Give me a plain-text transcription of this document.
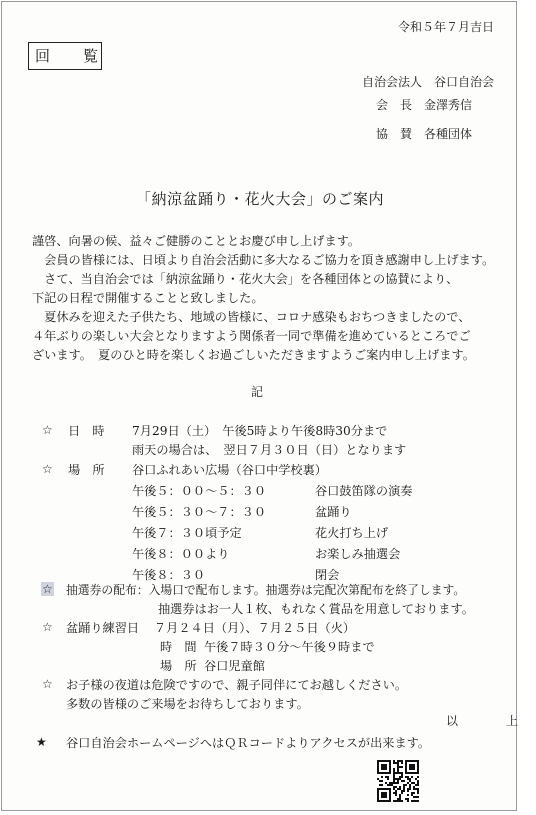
令和５年７月吉日
回　覧
自治会法人　谷口自治会
会　長　金澤秀信
協　賛　各種団体
「納涼盆踊り・花火大会」のご案内
謹啓、向暑の候、益々ご健勝のこととお慶び申し上げます。
　会員の皆様には、日頃より自治会活動に多大なるご協力を頂き感謝申し上げます。
　さて、当自治会では「納涼盆踊り・花火大会」を各種団体との協賛により、
下記の日程で開催することと致しました。
　夏休みを迎えた子供たち、地域の皆様に、コロナ感染もおちつきましたので、
４年ぶりの楽しい大会となりますよう関係者一同で準備を進めているところでご
ざいます。　夏のひと時を楽しくお過ごしいただきますようご案内申し上げます。
記
☆ 日　時 7月29日（土）　午後5時より午後8時30分まで
雨天の場合は、　翌日７月３０日（日）となります
☆ 場　所 谷口ふれあい広場（谷口中学校裏）
午後５：００〜５：３０	谷口鼓笛隊の演奏
午後５：３０〜７：３０	盆踊り
午後７：３０頃予定	花火打ち上げ
午後８：００より	お楽しみ抽選会
午後８：３０	閉会
☆ 抽選券の配布：入場口で配布します。抽選券は完配次第配布を終了します。
抽選券はお一人１枚、もれなく賞品を用意しております。
☆ 盆踊り練習日 ７月２４日（月）、７月２５日（火）
時　間 午後７時３０分〜午後９時まで
場　所 谷口児童館
☆ お子様の夜道は危険ですので、親子同伴にてお越しください。
多数の皆様のご来場をお待ちしております。
以　上
★ 谷口自治会ホームページへはＱＲコードよりアクセスが出来ます。
